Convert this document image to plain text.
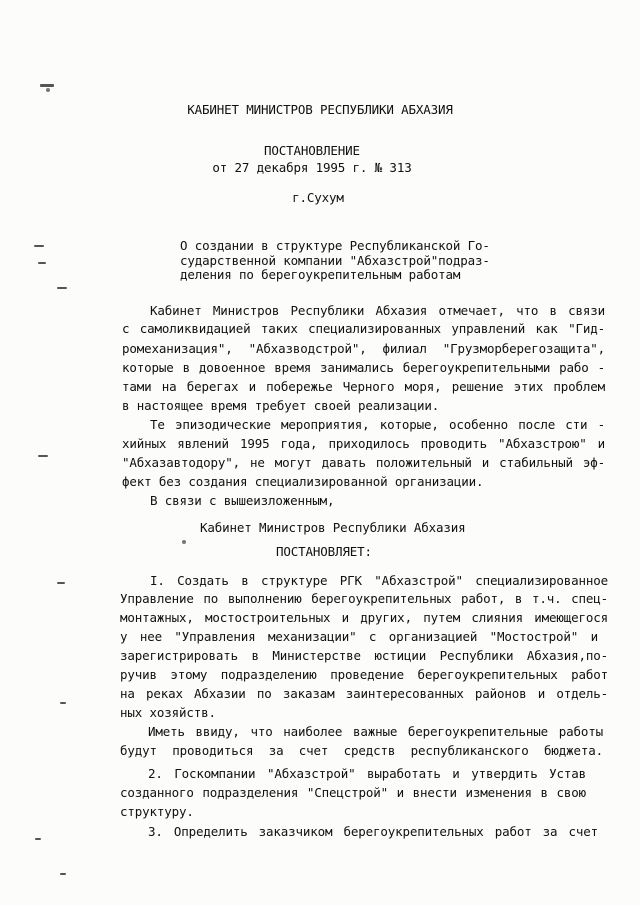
КАБИНЕТ МИНИСТРОВ РЕСПУБЛИКИ АБХАЗИЯ
ПОСТАНОВЛЕНИЕ
от 27 декабря 1995 г. № 313
г.Сухум
О создании в структуре Республиканской Го-
сударственной компании "Абхазстрой"подраз-
деления по берегоукрепительным работам
Кабинет Министров Республики Абхазия отмечает, что в связи
с самоликвидацией таких специализированных управлений как "Гид-
ромеханизация", "Абхазводстрой", филиал "Грузморберегозащита",
которые в довоенное время занимались берегоукрепительными рабо -
тами на берегах и побережье Черного моря, решение этих проблем
в настоящее время требует своей реализации.
Те эпизодические мероприятия, которые, особенно после сти -
хийных явлений 1995 года, приходилось проводить "Абхазстрою" и
"Абхазавтодору", не могут давать положительный и стабильный эф-
фект без создания специализированной организации.
В связи с вышеизложенным,
Кабинет Министров Республики Абхазия
ПОСТАНОВЛЯЕТ:
I. Создать в структуре РГК "Абхазстрой" специализированное
Управление по выполнению берегоукрепительных работ, в т.ч. спец-
монтажных, мостостроительных и других, путем слияния имеющегося
у нее "Управления механизации" с организацией "Мостострой" и
зарегистрировать в Министерстве юстиции Республики Абхазия,по-
ручив этому подразделению проведение берегоукрепительных работ
на реках Абхазии по заказам заинтересованных районов и отдель-
ных хозяйств.
Иметь ввиду, что наиболее важные берегоукрепительные работы
будут проводиться за счет средств республиканского бюджета.
2. Госкомпании "Абхазстрой" выработать и утвердить Устав
созданного подразделения "Спецстрой" и внести изменения в свою
структуру.
3. Определить заказчиком берегоукрепительных работ за счет
